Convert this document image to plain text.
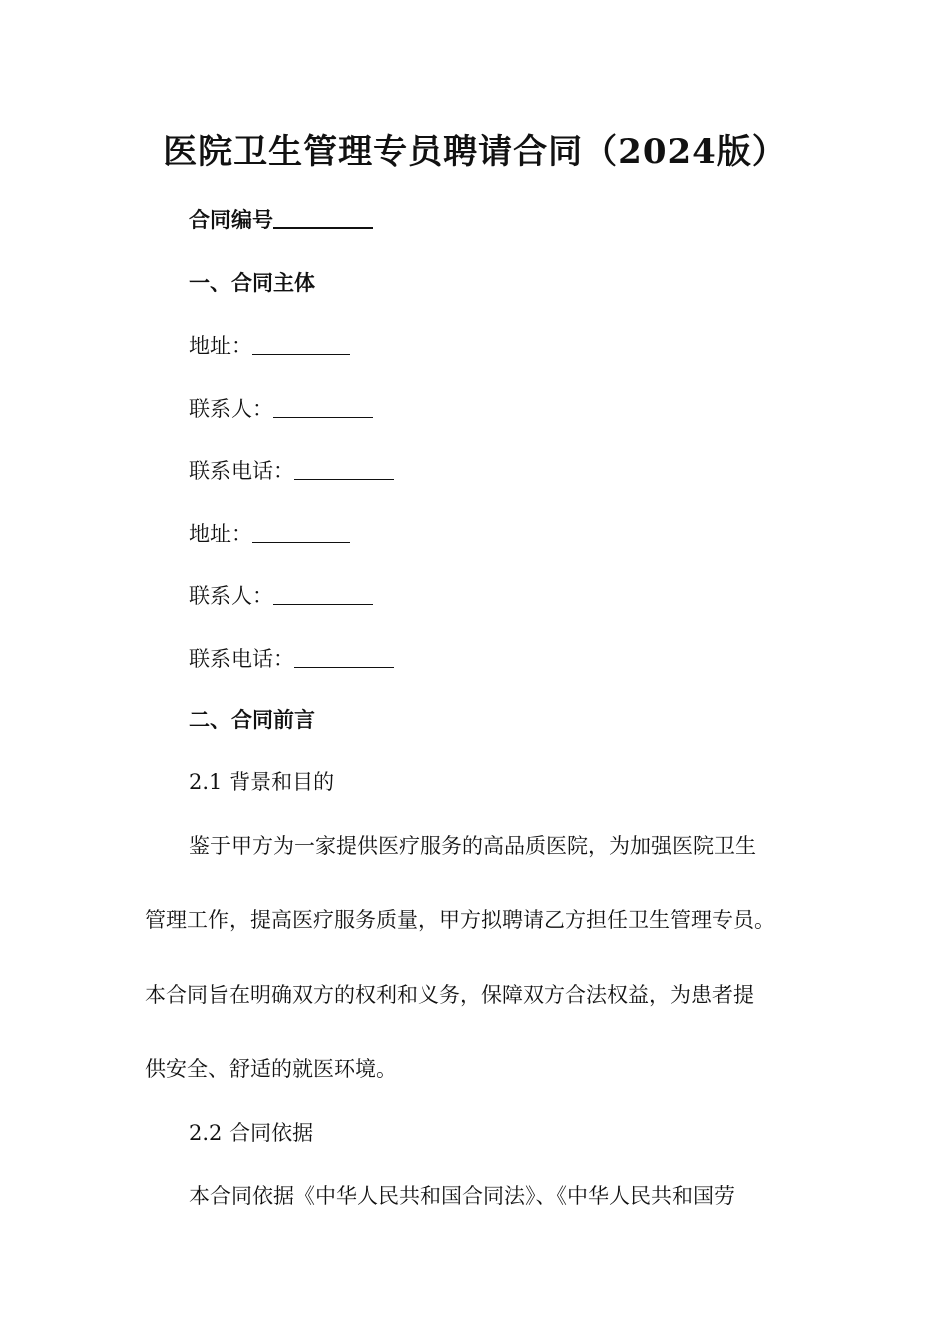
医院卫生管理专员聘请合同（2024版）
合同编号
一、合同主体
地址：
联系人：
联系电话：
地址：
联系人：
联系电话：
二、合同前言
2.1 背景和目的
鉴于甲方为一家提供医疗服务的高品质医院，为加强医院卫生
管理工作，提高医疗服务质量，甲方拟聘请乙方担任卫生管理专员。
本合同旨在明确双方的权利和义务，保障双方合法权益，为患者提
供安全、舒适的就医环境。
2.2 合同依据
本合同依据《中华人民共和国合同法》、《中华人民共和国劳
